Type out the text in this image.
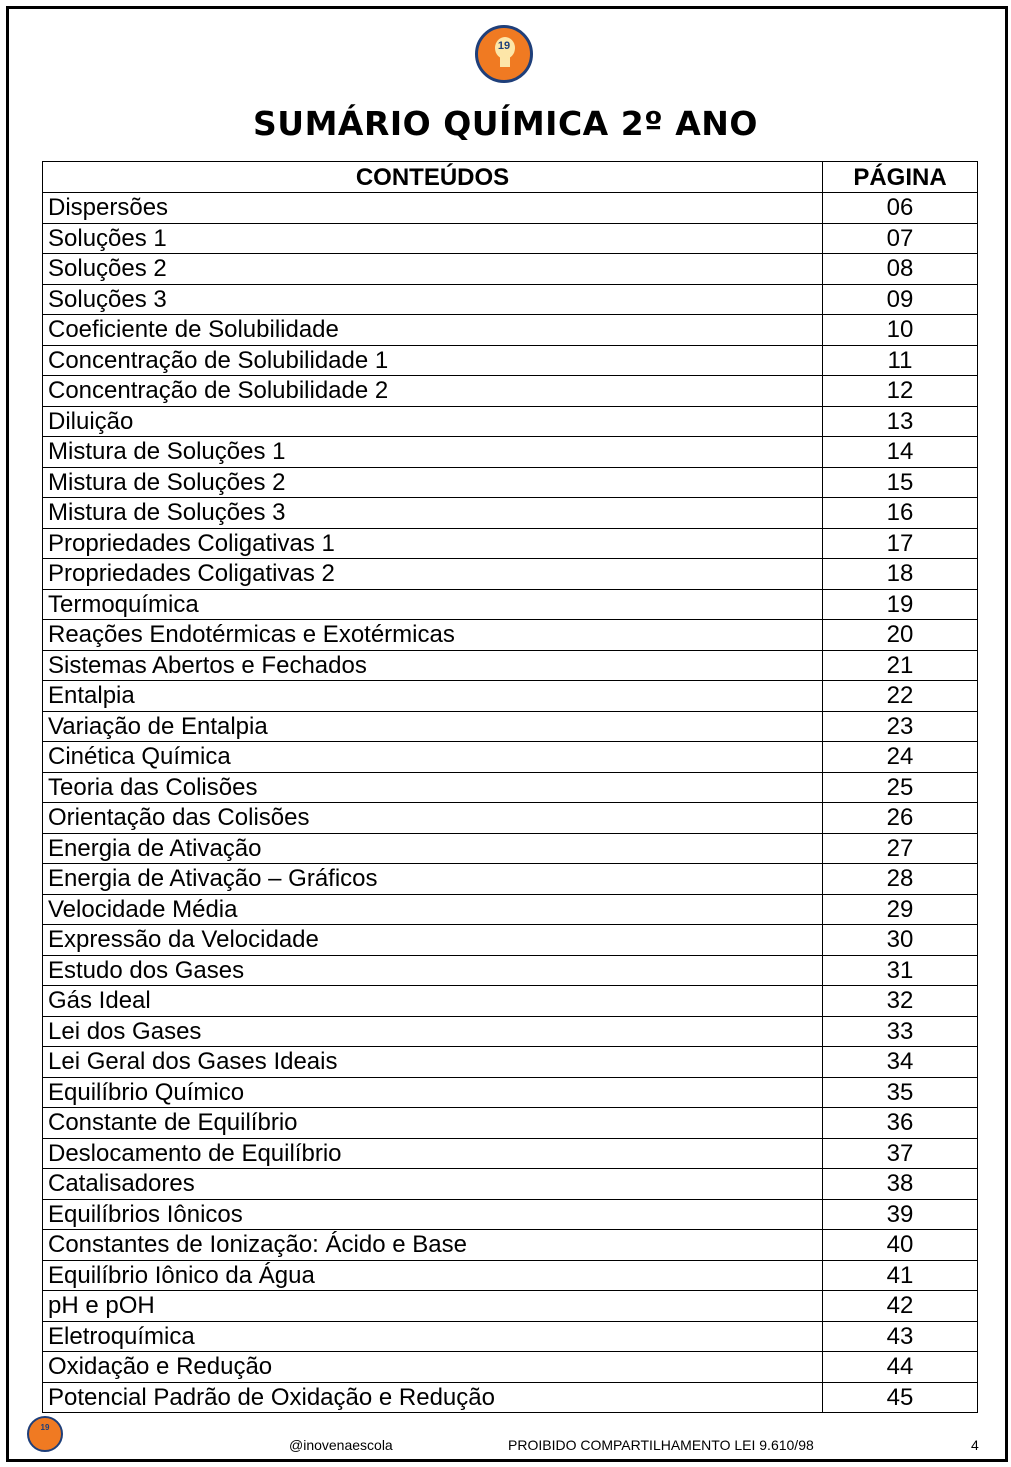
19
SUMÁRIO QUÍMICA 2º ANO
CONTEÚDOS	PÁGINA
Dispersões	06
Soluções 1	07
Soluções 2	08
Soluções 3	09
Coeficiente de Solubilidade	10
Concentração de Solubilidade 1	11
Concentração de Solubilidade 2	12
Diluição	13
Mistura de Soluções 1	14
Mistura de Soluções 2	15
Mistura de Soluções 3	16
Propriedades Coligativas 1	17
Propriedades Coligativas 2	18
Termoquímica	19
Reações Endotérmicas e Exotérmicas	20
Sistemas Abertos e Fechados	21
Entalpia	22
Variação de Entalpia	23
Cinética Química	24
Teoria das Colisões	25
Orientação das Colisões	26
Energia de Ativação	27
Energia de Ativação – Gráficos	28
Velocidade Média	29
Expressão da Velocidade	30
Estudo dos Gases	31
Gás Ideal	32
Lei dos Gases	33
Lei Geral dos Gases Ideais	34
Equilíbrio Químico	35
Constante de Equilíbrio	36
Deslocamento de Equilíbrio	37
Catalisadores	38
Equilíbrios Iônicos	39
Constantes de Ionização: Ácido e Base	40
Equilíbrio Iônico da Água	41
pH e pOH	42
Eletroquímica	43
Oxidação e Redução	44
Potencial Padrão de Oxidação e Redução	45
19
@inovenaescola	PROIBIDO COMPARTILHAMENTO LEI 9.610/98	4
